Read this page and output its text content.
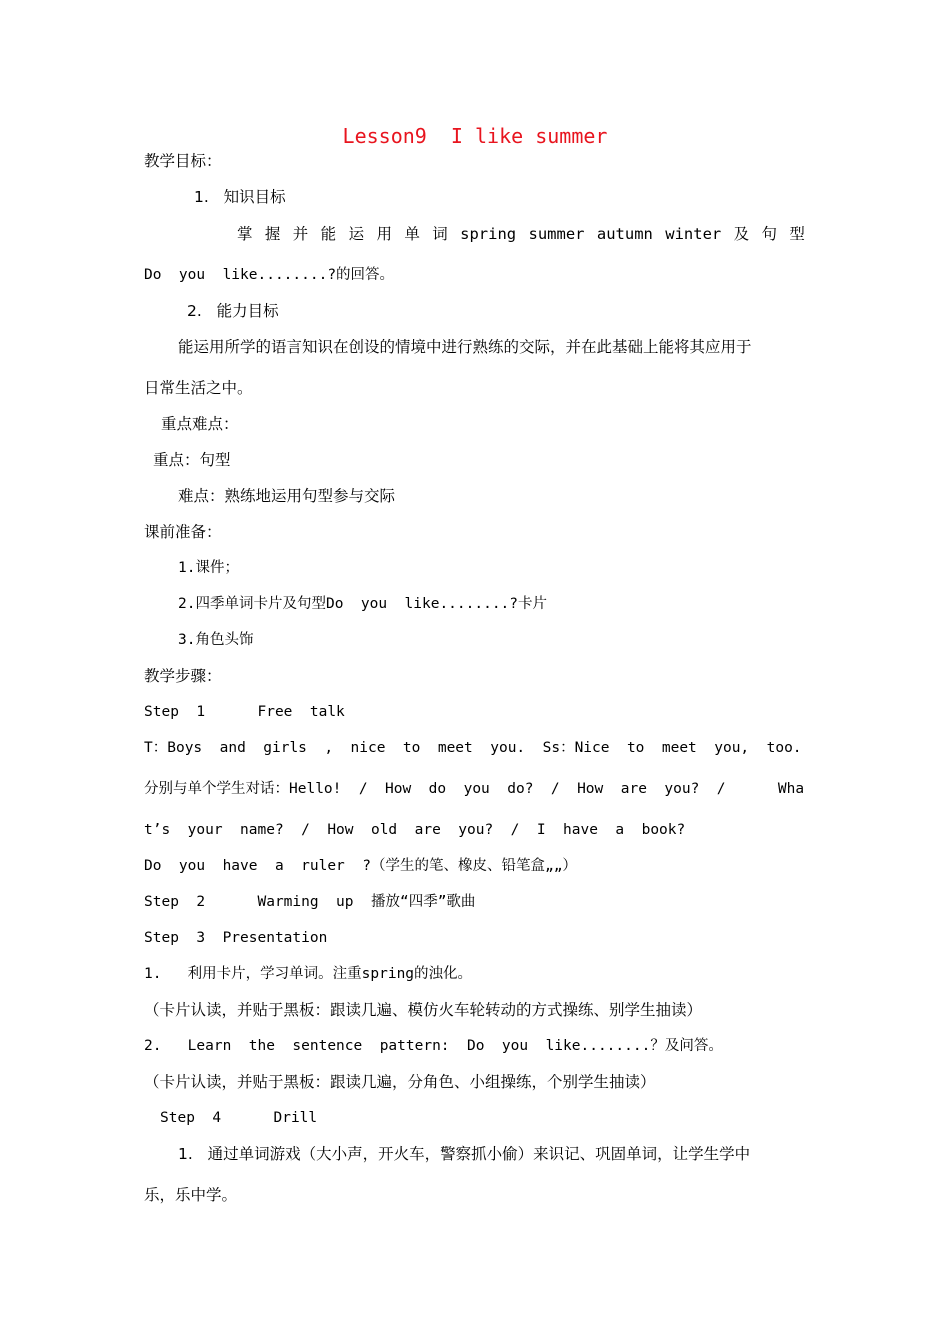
Lesson9  I like summer
教学目标：
1.   知识目标
掌 握 并 能 运 用 单 词 spring summer autumn winter 及 句 型
Do  you  like........?的回答。
2.   能力目标
能运用所学的语言知识在创设的情境中进行熟练的交际，并在此基础上能将其应用于
日常生活之中。
重点难点：
重点：句型
难点：熟练地运用句型参与交际
课前准备：
1.课件；
2.四季单词卡片及句型Do  you  like........?卡片
3.角色头饰
教学步骤：
Step  1      Free  talk
T：Boys  and  girls  ,  nice  to  meet  you.  Ss：Nice  to  meet  you,  too.
分别与单个学生对话：Hello!  /  How  do  you  do?  /  How  are  you?  /      Wha
t’s  your  name?  /  How  old  are  you?  /  I  have  a  book?
Do  you  have  a  ruler  ?（学生的笔、橡皮、铅笔盒„„）
Step  2      Warming  up  播放“四季”歌曲
Step  3  Presentation
1.   利用卡片，学习单词。注重spring的浊化。
（卡片认读，并贴于黑板：跟读几遍、模仿火车轮转动的方式操练、别学生抽读）
2.   Learn  the  sentence  pattern:  Do  you  like........？及问答。
（卡片认读，并贴于黑板：跟读几遍，分角色、小组操练，个别学生抽读）
Step  4      Drill
1.   通过单词游戏（大小声，开火车，警察抓小偷）来识记、巩固单词，让学生学中
乐，乐中学。
